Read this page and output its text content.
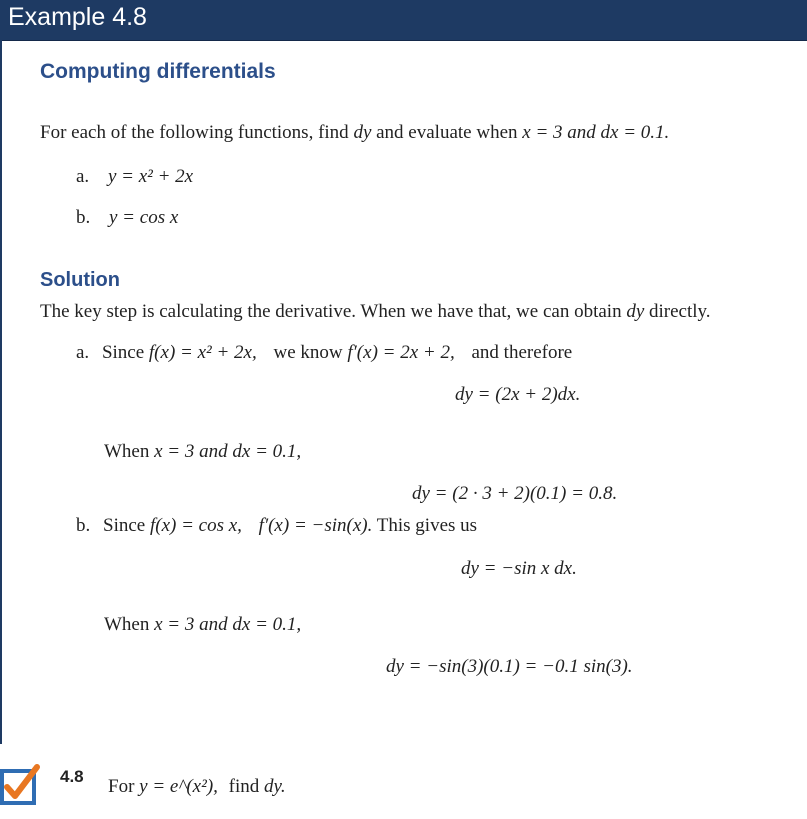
Example 4.8
Computing differentials
For each of the following functions, find dy and evaluate when x = 3 and dx = 0.1.
a. y = x² + 2x
b. y = cos x
Solution
The key step is calculating the derivative. When we have that, we can obtain dy directly.
a. Since f(x) = x² + 2x, we know f′(x) = 2x + 2, and therefore
dy = (2x + 2)dx.
When x = 3 and dx = 0.1,
dy = (2 · 3 + 2)(0.1) = 0.8.
b. Since f(x) = cos x, f′(x) = −sin(x). This gives us
dy = −sin x dx.
When x = 3 and dx = 0.1,
dy = −sin(3)(0.1) = −0.1 sin(3).
4.8 For y = e^(x²), find dy.
